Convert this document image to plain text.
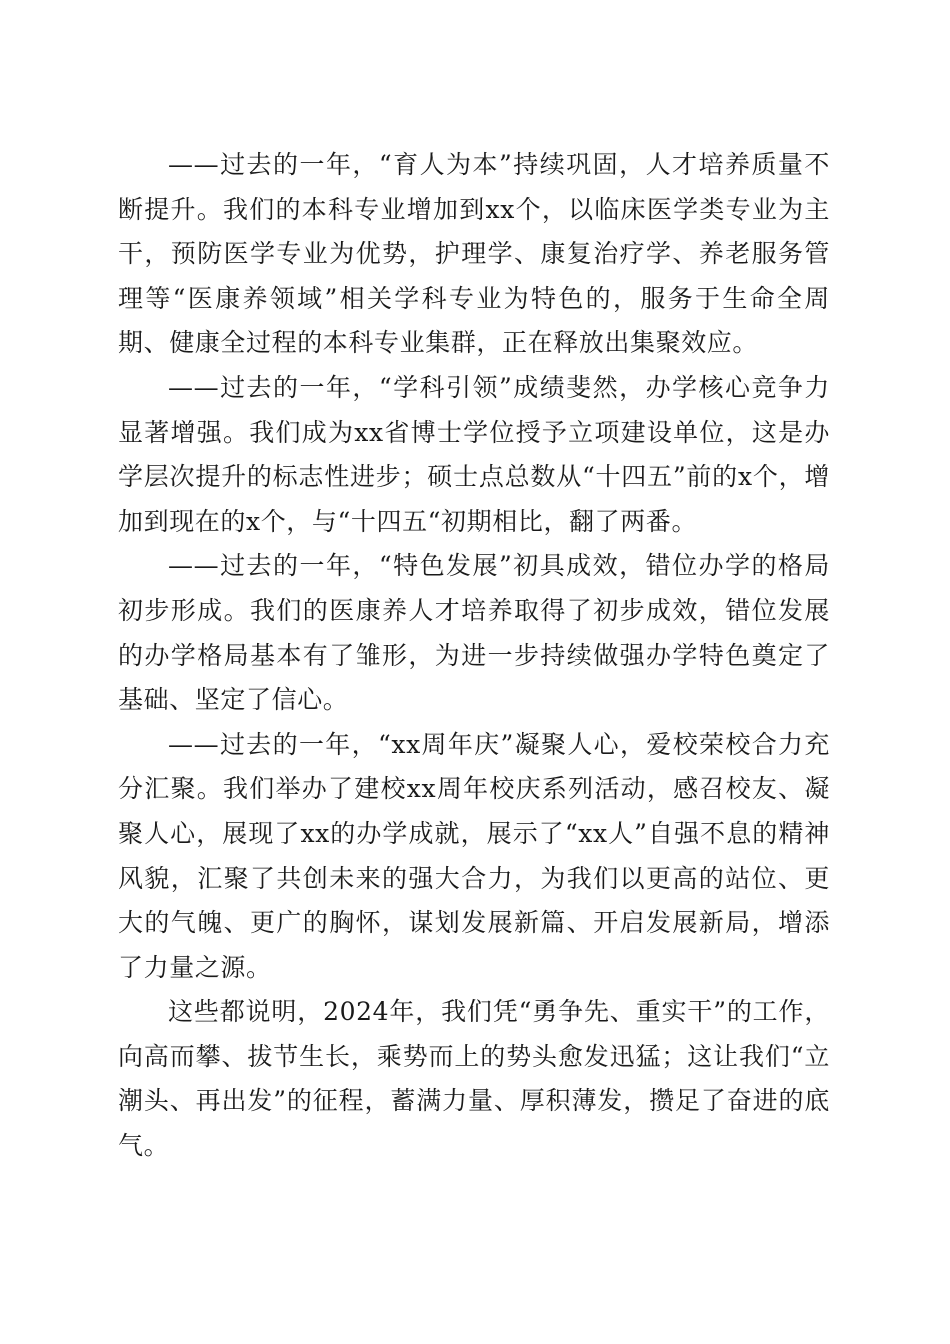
——过去的一年，“育人为本”持续巩固，人才培养质量不断提升。我们的本科专业增加到xx个，以临床医学类专业为主干，预防医学专业为优势，护理学、康复治疗学、养老服务管理等“医康养领域”相关学科专业为特色的，服务于生命全周期、健康全过程的本科专业集群，正在释放出集聚效应。

——过去的一年，“学科引领”成绩斐然，办学核心竞争力显著增强。我们成为xx省博士学位授予立项建设单位，这是办学层次提升的标志性进步；硕士点总数从“十四五”前的x个，增加到现在的x个，与“十四五“初期相比，翻了两番。

——过去的一年，“特色发展”初具成效，错位办学的格局初步形成。我们的医康养人才培养取得了初步成效，错位发展的办学格局基本有了雏形，为进一步持续做强办学特色奠定了基础、坚定了信心。

——过去的一年，“xx周年庆”凝聚人心，爱校荣校合力充分汇聚。我们举办了建校xx周年校庆系列活动，感召校友、凝聚人心，展现了xx的办学成就，展示了“xx人”自强不息的精神风貌，汇聚了共创未来的强大合力，为我们以更高的站位、更大的气魄、更广的胸怀，谋划发展新篇、开启发展新局，增添了力量之源。

这些都说明，2024年，我们凭“勇争先、重实干”的工作，向高而攀、拔节生长，乘势而上的势头愈发迅猛；这让我们“立潮头、再出发”的征程，蓄满力量、厚积薄发，攒足了奋进的底气。
